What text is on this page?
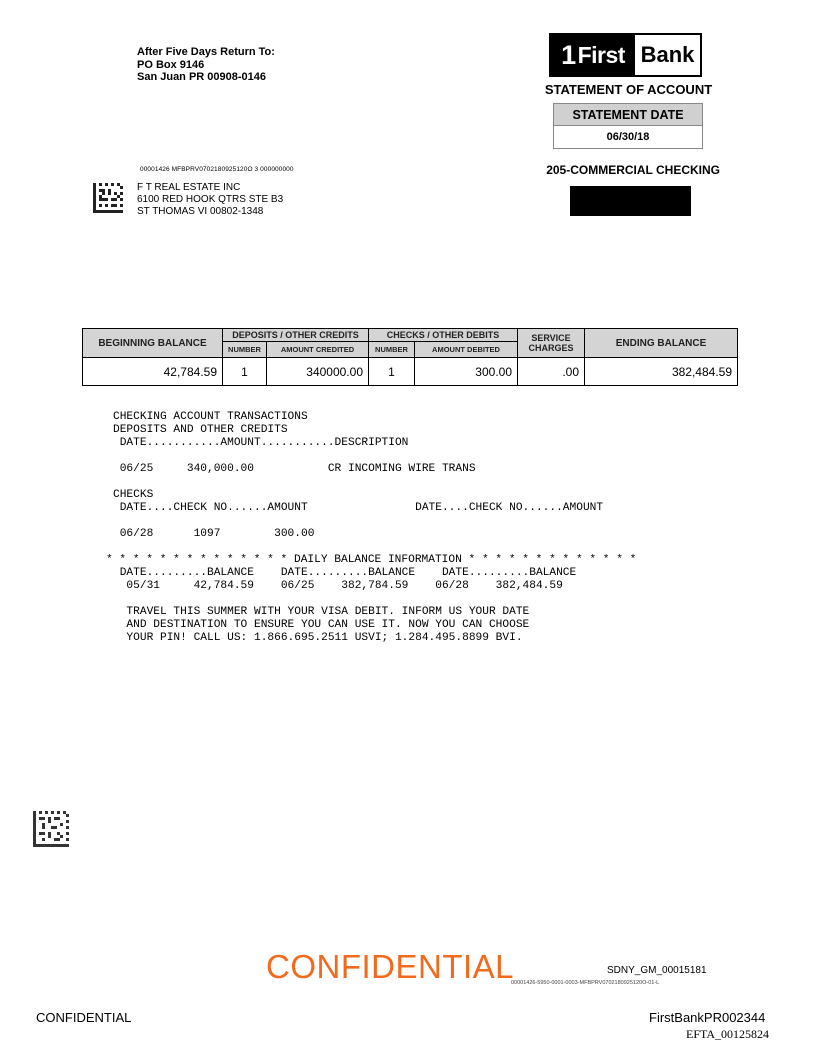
After Five Days Return To:
PO Box 9146
San Juan PR 00908-0146
1 First Bank
STATEMENT OF ACCOUNT
STATEMENT DATE
06/30/18
00001426 MFBPRV0702180925120O 3 000000000	205-COMMERCIAL CHECKING
F T REAL ESTATE INC
6100 RED HOOK QTRS STE B3
ST THOMAS VI 00802-1348
BEGINNING BALANCE	DEPOSITS / OTHER CREDITS		CHECKS / OTHER DEBITS		SERVICE CHARGES	ENDING BALANCE
	NUMBER	AMOUNT CREDITED	NUMBER	AMOUNT DEBITED		
42,784.59	1	340000.00	1	300.00	.00	382,484.59
CHECKING ACCOUNT TRANSACTIONS
DEPOSITS AND OTHER CREDITS
DATE...........AMOUNT...........DESCRIPTION
06/25     340,000.00           CR INCOMING WIRE TRANS
CHECKS
DATE....CHECK NO......AMOUNT                DATE....CHECK NO......AMOUNT
06/28      1097        300.00
* * * * * * * * * * * * * * DAILY BALANCE INFORMATION * * * * * * * * * * * * *
DATE.........BALANCE    DATE.........BALANCE    DATE.........BALANCE
05/31     42,784.59    06/25    382,784.59    06/28    382,484.59
TRAVEL THIS SUMMER WITH YOUR VISA DEBIT. INFORM US YOUR DATE
AND DESTINATION TO ENSURE YOU CAN USE IT. NOW YOU CAN CHOOSE
YOUR PIN! CALL US: 1.866.695.2511 USVI; 1.284.495.8899 BVI.
CONFIDENTIAL	SDNY_GM_00015181
00001426-5950-0001-0003-MFBPRV0702180925120O-01-L
CONFIDENTIAL	FirstBankPR002344
EFTA_00125824
